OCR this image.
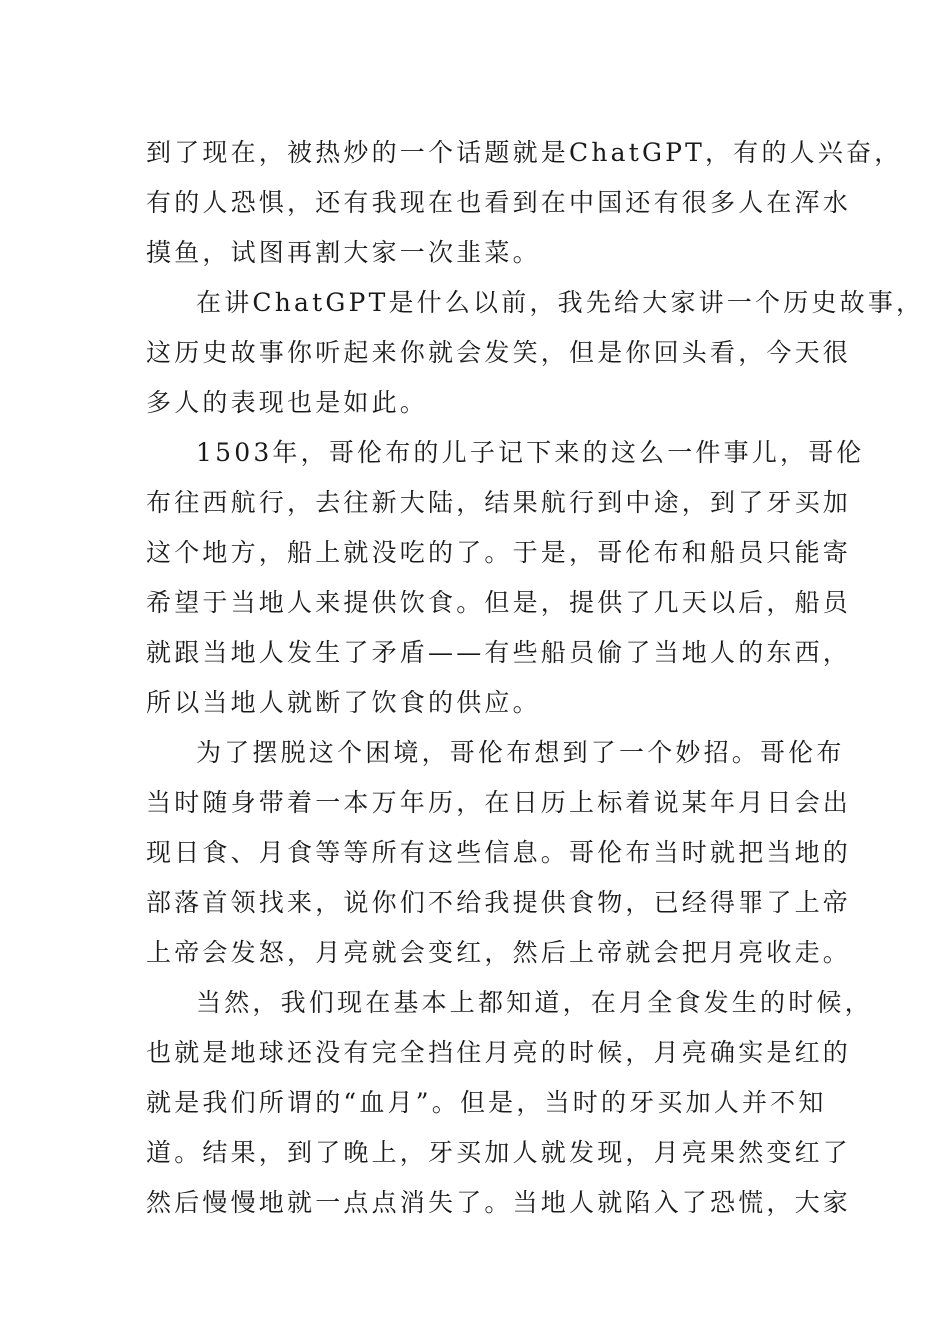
到了现在，被热炒的一个话题就是ChatGPT，有的人兴奋，
有的人恐惧，还有我现在也看到在中国还有很多人在浑水
摸鱼，试图再割大家一次韭菜。
在讲ChatGPT是什么以前，我先给大家讲一个历史故事，
这历史故事你听起来你就会发笑，但是你回头看，今天很
多人的表现也是如此。
1503年，哥伦布的儿子记下来的这么一件事儿，哥伦
布往西航行，去往新大陆，结果航行到中途，到了牙买加
这个地方，船上就没吃的了。于是，哥伦布和船员只能寄
希望于当地人来提供饮食。但是，提供了几天以后，船员
就跟当地人发生了矛盾——有些船员偷了当地人的东西，
所以当地人就断了饮食的供应。
为了摆脱这个困境，哥伦布想到了一个妙招。哥伦布
当时随身带着一本万年历，在日历上标着说某年月日会出
现日食、月食等等所有这些信息。哥伦布当时就把当地的
部落首领找来，说你们不给我提供食物，已经得罪了上帝
上帝会发怒，月亮就会变红，然后上帝就会把月亮收走。
当然，我们现在基本上都知道，在月全食发生的时候，
也就是地球还没有完全挡住月亮的时候，月亮确实是红的
就是我们所谓的“血月”。但是，当时的牙买加人并不知
道。结果，到了晚上，牙买加人就发现，月亮果然变红了
然后慢慢地就一点点消失了。当地人就陷入了恐慌，大家
